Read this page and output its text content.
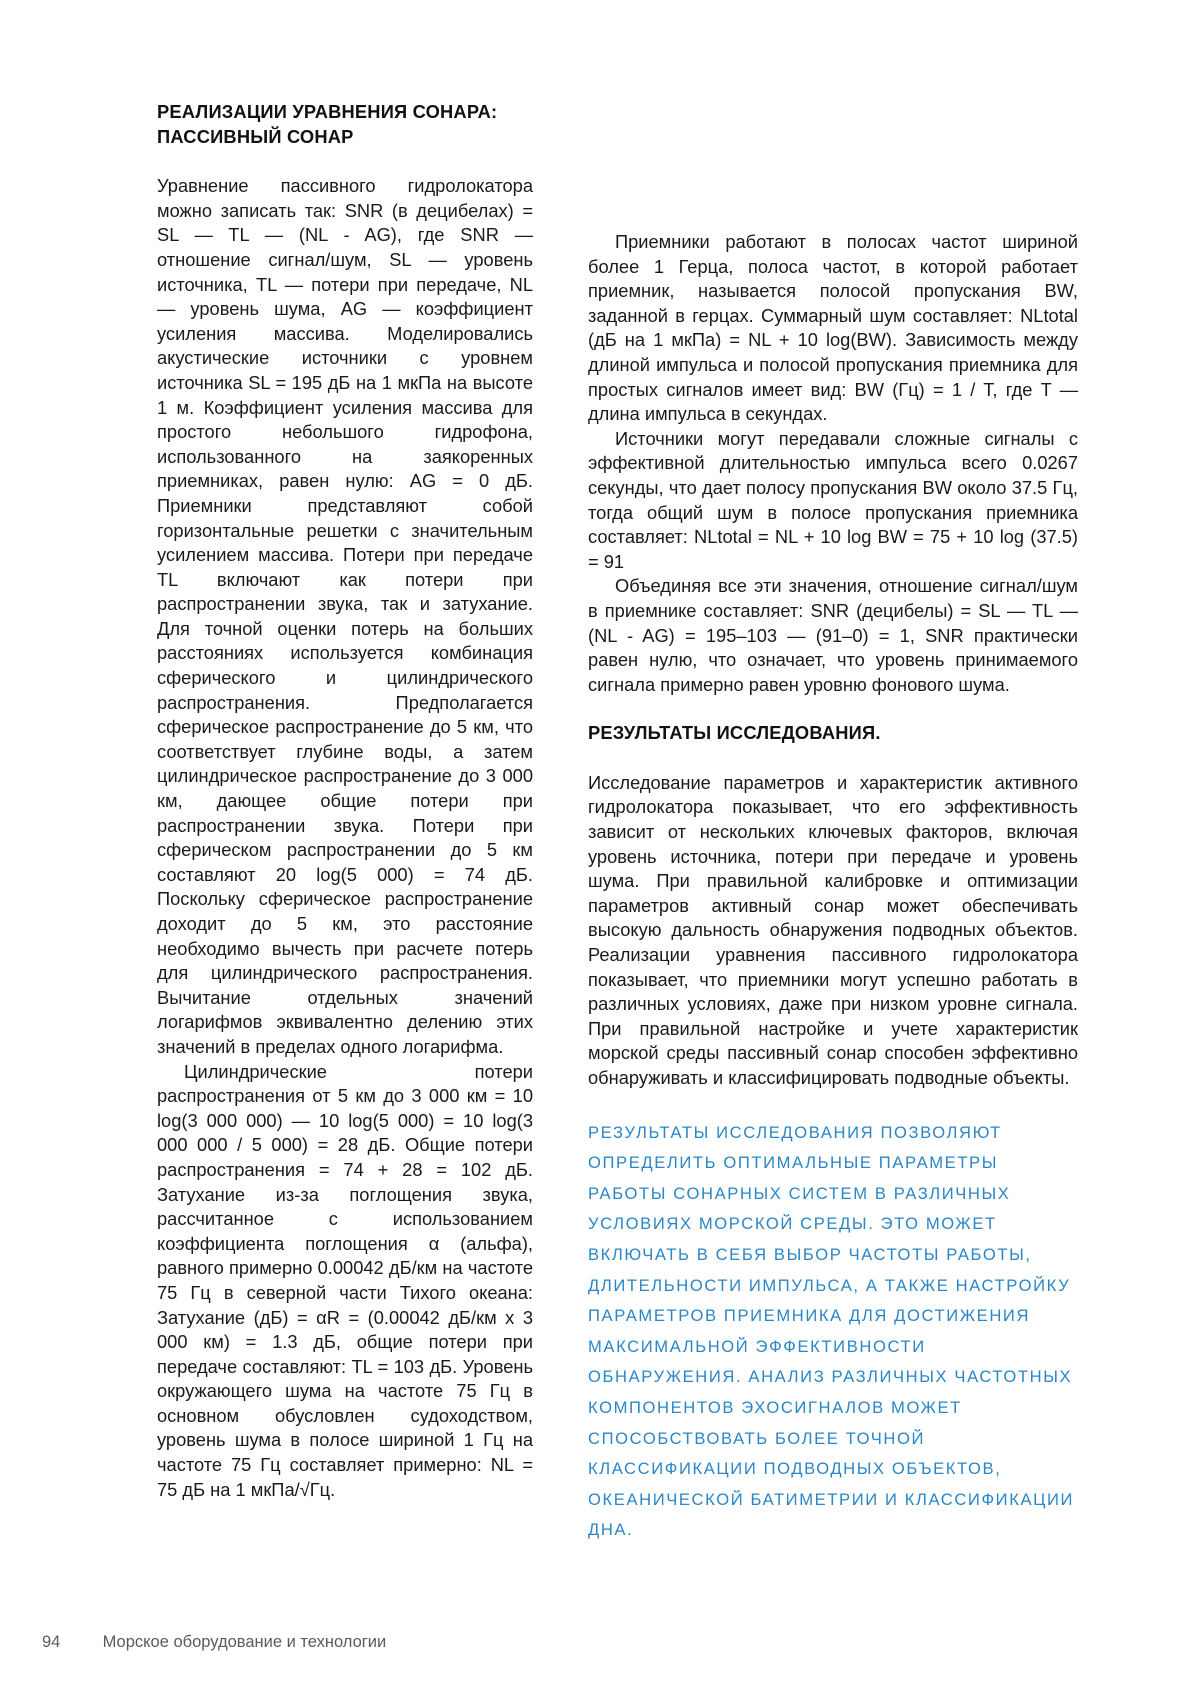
РЕАЛИЗАЦИИ УРАВНЕНИЯ СОНАРА: ПАССИВНЫЙ СОНАР

Уравнение пассивного гидролокатора можно записать так: SNR (в децибелах) = SL — TL — (NL - AG), где SNR — отношение сигнал/шум, SL — уровень источника, TL — потери при передаче, NL — уровень шума, AG — коэффициент усиления массива. Моделировались акустические источники с уровнем источника SL = 195 дБ на 1 мкПа на высоте 1 м. Коэффициент усиления массива для простого небольшого гидрофона, использованного на заякоренных приемниках, равен нулю: AG = 0 дБ. Приемники представляют собой горизонтальные решетки с значительным усилением массива. Потери при передаче TL включают как потери при распространении звука, так и затухание. Для точной оценки потерь на больших расстояниях используется комбинация сферического и цилиндрического распространения. Предполагается сферическое распространение до 5 км, что соответствует глубине воды, а затем цилиндрическое распространение до 3 000 км, дающее общие потери при распространении звука. Потери при сферическом распространении до 5 км составляют 20 log(5 000) = 74 дБ. Поскольку сферическое распространение доходит до 5 км, это расстояние необходимо вычесть при расчете потерь для цилиндрического распространения. Вычитание отдельных значений логарифмов эквивалентно делению этих значений в пределах одного логарифма.

Цилиндрические потери распространения от 5 км до 3 000 км = 10 log(3 000 000) — 10 log(5 000) = 10 log(3 000 000 / 5 000) = 28 дБ. Общие потери распространения = 74 + 28 = 102 дБ. Затухание из-за поглощения звука, рассчитанное с использованием коэффициента поглощения α (альфа), равного примерно 0.00042 дБ/км на частоте 75 Гц в северной части Тихого океана: Затухание (дБ) = αR = (0.00042 дБ/км x 3 000 км) = 1.3 дБ, общие потери при передаче составляют: TL = 103 дБ. Уровень окружающего шума на частоте 75 Гц в основном обусловлен судоходством, уровень шума в полосе шириной 1 Гц на частоте 75 Гц составляет примерно: NL = 75 дБ на 1 мкПа/√Гц.

Приемники работают в полосах частот шириной более 1 Герца, полоса частот, в которой работает приемник, называется полосой пропускания BW, заданной в герцах. Суммарный шум составляет: NLtotal (дБ на 1 мкПа) = NL + 10 log(BW). Зависимость между длиной импульса и полосой пропускания приемника для простых сигналов имеет вид: BW (Гц) = 1 / T, где T — длина импульса в секундах.

Источники могут передавали сложные сигналы с эффективной длительностью импульса всего 0.0267 секунды, что дает полосу пропускания BW около 37.5 Гц, тогда общий шум в полосе пропускания приемника составляет: NLtotal = NL + 10 log BW = 75 + 10 log (37.5) = 91

Объединяя все эти значения, отношение сигнал/шум в приемнике составляет: SNR (децибелы) = SL — TL — (NL - AG) = 195–103 — (91–0) = 1, SNR практически равен нулю, что означает, что уровень принимаемого сигнала примерно равен уровню фонового шума.

РЕЗУЛЬТАТЫ ИССЛЕДОВАНИЯ.

Исследование параметров и характеристик активного гидролокатора показывает, что его эффективность зависит от нескольких ключевых факторов, включая уровень источника, потери при передаче и уровень шума. При правильной калибровке и оптимизации параметров активный сонар может обеспечивать высокую дальность обнаружения подводных объектов. Реализации уравнения пассивного гидролокатора показывает, что приемники могут успешно работать в различных условиях, даже при низком уровне сигнала. При правильной настройке и учете характеристик морской среды пассивный сонар способен эффективно обнаруживать и классифицировать подводные объекты.

РЕЗУЛЬТАТЫ ИССЛЕДОВАНИЯ ПОЗВОЛЯЮТ ОПРЕДЕЛИТЬ ОПТИМАЛЬНЫЕ ПАРАМЕТРЫ РАБОТЫ СОНАРНЫХ СИСТЕМ В РАЗЛИЧНЫХ УСЛОВИЯХ МОРСКОЙ СРЕДЫ. ЭТО МОЖЕТ ВКЛЮЧАТЬ В СЕБЯ ВЫБОР ЧАСТОТЫ РАБОТЫ, ДЛИТЕЛЬНОСТИ ИМПУЛЬСА, А ТАКЖЕ НАСТРОЙКУ ПАРАМЕТРОВ ПРИЕМНИКА ДЛЯ ДОСТИЖЕНИЯ МАКСИМАЛЬНОЙ ЭФФЕКТИВНОСТИ ОБНАРУЖЕНИЯ. АНАЛИЗ РАЗЛИЧНЫХ ЧАСТОТНЫХ КОМПОНЕНТОВ ЭХОСИГНАЛОВ МОЖЕТ СПОСОБСТВОВАТЬ БОЛЕЕ ТОЧНОЙ КЛАССИФИКАЦИИ ПОДВОДНЫХ ОБЪЕКТОВ, ОКЕАНИЧЕСКОЙ БАТИМЕТРИИ И КЛАССИФИКАЦИИ ДНА.
94	Морское оборудование и технологии
